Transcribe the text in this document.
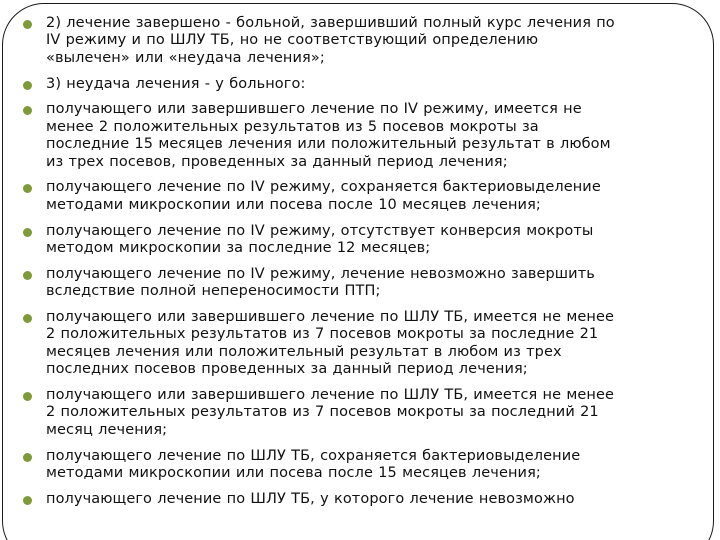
2) лечение завершено - больной, завершивший полный курс лечения по
IV режиму и по ШЛУ ТБ, но не соответствующий определению
«вылечен» или «неудача лечения»;
3) неудача лечения - у больного:
получающего или завершившего лечение по IV режиму, имеется не
менее 2 положительных результатов из 5 посевов мокроты за
последние 15 месяцев лечения или положительный результат в любом
из трех посевов, проведенных за данный период лечения;
получающего лечение по IV режиму, сохраняется бактериовыделение
методами микроскопии или посева после 10 месяцев лечения;
получающего лечение по IV режиму, отсутствует конверсия мокроты
методом микроскопии за последние 12 месяцев;
получающего лечение по IV режиму, лечение невозможно завершить
вследствие полной непереносимости ПТП;
получающего или завершившего лечение по ШЛУ ТБ, имеется не менее
2 положительных результатов из 7 посевов мокроты за последние 21
месяцев лечения или положительный результат в любом из трех
последних посевов проведенных за данный период лечения;
получающего или завершившего лечение по ШЛУ ТБ, имеется не менее
2 положительных результатов из 7 посевов мокроты за последний 21
месяц лечения;
получающего лечение по ШЛУ ТБ, сохраняется бактериовыделение
методами микроскопии или посева после 15 месяцев лечения;
получающего лечение по ШЛУ ТБ, у которого лечение невозможно
